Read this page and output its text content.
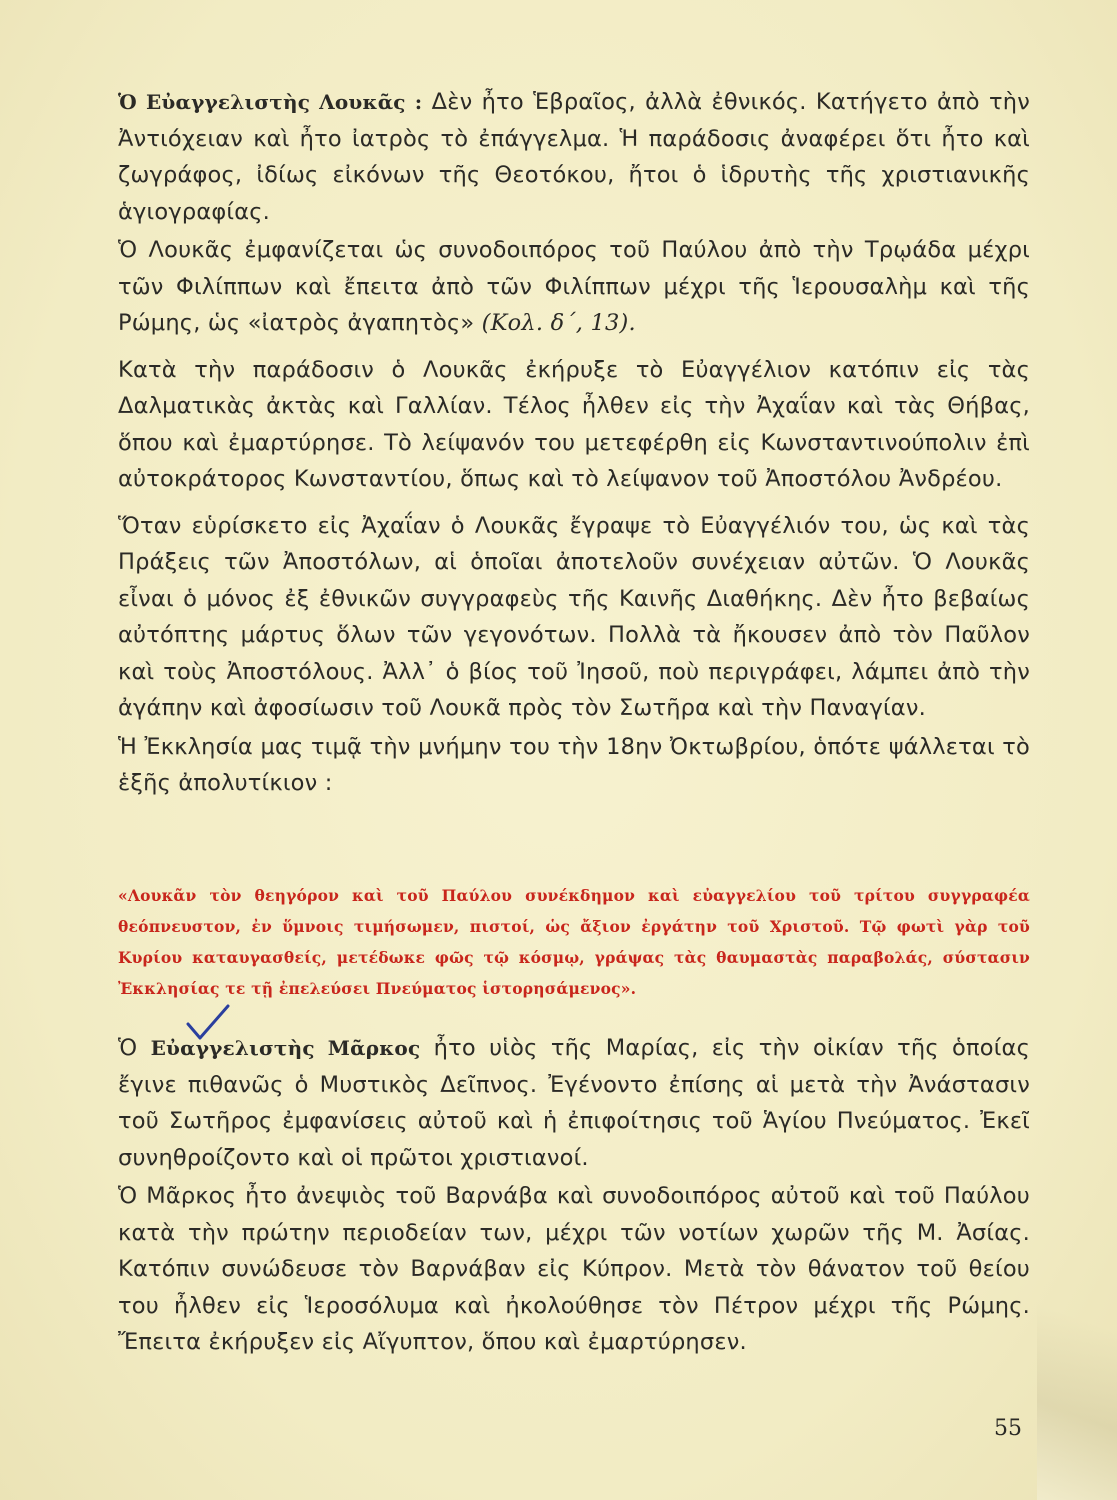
Ὁ Εὐαγγελιστὴς Λουκᾶς : Δὲν ἦτο Ἑβραῖος, ἀλλὰ ἐθνικός. Κατήγετο ἀπὸ τὴν Ἀντιόχειαν καὶ ἦτο ἰατρὸς τὸ ἐπάγγελμα. Ἡ παράδοσις ἀναφέρει ὅτι ἦτο καὶ ζωγράφος, ἰδίως εἰκόνων τῆς Θεοτόκου, ἤτοι ὁ ἱδρυτὴς τῆς χριστιανικῆς ἁγιογραφίας.

Ὁ Λουκᾶς ἐμφανίζεται ὡς συνοδοιπόρος τοῦ Παύλου ἀπὸ τὴν Τρῳάδα μέχρι τῶν Φιλίππων καὶ ἔπειτα ἀπὸ τῶν Φιλίππων μέχρι τῆς Ἱερουσαλὴμ καὶ τῆς Ρώμης, ὡς «ἰατρὸς ἀγαπητὸς» (Κολ. δ΄, 13).

Κατὰ τὴν παράδοσιν ὁ Λουκᾶς ἐκήρυξε τὸ Εὐαγγέλιον κατόπιν εἰς τὰς Δαλματικὰς ἀκτὰς καὶ Γαλλίαν. Τέλος ἦλθεν εἰς τὴν Ἀχαΐαν καὶ τὰς Θήβας, ὅπου καὶ ἐμαρτύρησε. Τὸ λείψανόν του μετεφέρθη εἰς Κωνσταντινούπολιν ἐπὶ αὐτοκράτορος Κωνσταντίου, ὅπως καὶ τὸ λείψανον τοῦ Ἀποστόλου Ἀνδρέου.

Ὅταν εὑρίσκετο εἰς Ἀχαΐαν ὁ Λουκᾶς ἔγραψε τὸ Εὐαγγέλιόν του, ὡς καὶ τὰς Πράξεις τῶν Ἀποστόλων, αἱ ὁποῖαι ἀποτελοῦν συνέχειαν αὐτῶν. Ὁ Λουκᾶς εἶναι ὁ μόνος ἐξ ἐθνικῶν συγγραφεὺς τῆς Καινῆς Διαθήκης. Δὲν ἦτο βεβαίως αὐτόπτης μάρτυς ὅλων τῶν γεγονότων. Πολλὰ τὰ ἤκουσεν ἀπὸ τὸν Παῦλον καὶ τοὺς Ἀποστόλους. Ἀλλ᾽ ὁ βίος τοῦ Ἰησοῦ, ποὺ περιγράφει, λάμπει ἀπὸ τὴν ἀγάπην καὶ ἀφοσίωσιν τοῦ Λουκᾶ πρὸς τὸν Σωτῆρα καὶ τὴν Παναγίαν.

Ἡ Ἐκκλησία μας τιμᾷ τὴν μνήμην του τὴν 18ην Ὀκτωβρίου, ὁπότε ψάλλεται τὸ ἑξῆς ἀπολυτίκιον :

«Λουκᾶν τὸν θεηγόρον καὶ τοῦ Παύλου συνέκδημον καὶ εὐαγγελίου τοῦ τρίτου συγγραφέα θεόπνευστον, ἐν ὕμνοις τιμήσωμεν, πιστοί, ὡς ἄξιον ἐργάτην τοῦ Χριστοῦ. Τῷ φωτὶ γὰρ τοῦ Κυρίου καταυγασθείς, μετέδωκε φῶς τῷ κόσμῳ, γράψας τὰς θαυμαστὰς παραβολάς, σύστασιν Ἐκκλησίας τε τῇ ἐπελεύσει Πνεύματος ἱστορησάμενος».

Ὁ Εὐαγγελιστὴς Μᾶρκος ἦτο υἱὸς τῆς Μαρίας, εἰς τὴν οἰκίαν τῆς ὁποίας ἔγινε πιθανῶς ὁ Μυστικὸς Δεῖπνος. Ἐγένοντο ἐπίσης αἱ μετὰ τὴν Ἀνάστασιν τοῦ Σωτῆρος ἐμφανίσεις αὐτοῦ καὶ ἡ ἐπιφοίτησις τοῦ Ἁγίου Πνεύματος. Ἐκεῖ συνηθροίζοντο καὶ οἱ πρῶτοι χριστιανοί.

Ὁ Μᾶρκος ἦτο ἀνεψιὸς τοῦ Βαρνάβα καὶ συνοδοιπόρος αὐτοῦ καὶ τοῦ Παύλου κατὰ τὴν πρώτην περιοδείαν των, μέχρι τῶν νοτίων χωρῶν τῆς Μ. Ἀσίας. Κατόπιν συνώδευσε τὸν Βαρνάβαν εἰς Κύπρον. Μετὰ τὸν θάνατον τοῦ θείου του ἦλθεν εἰς Ἱεροσόλυμα καὶ ἠκολούθησε τὸν Πέτρον μέχρι τῆς Ρώμης. Ἔπειτα ἐκήρυξεν εἰς Αἴγυπτον, ὅπου καὶ ἐμαρτύρησεν.

55
